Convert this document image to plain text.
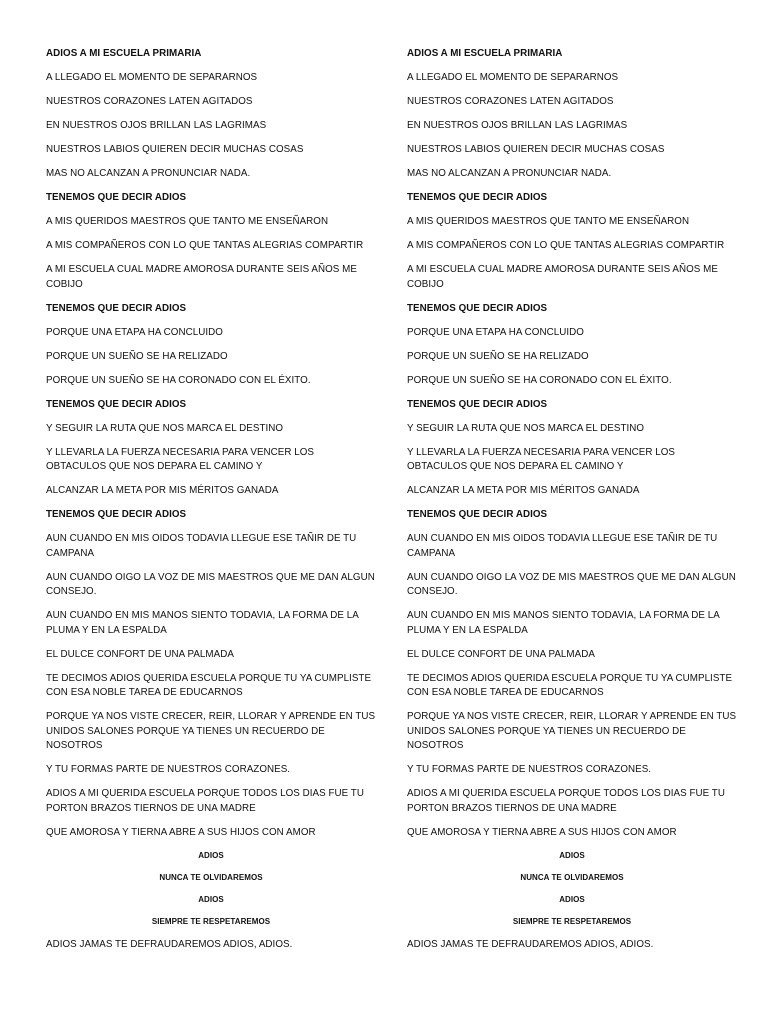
ADIOS A MI ESCUELA PRIMARIA
A LLEGADO EL MOMENTO DE SEPARARNOS
NUESTROS CORAZONES LATEN AGITADOS
EN NUESTROS OJOS BRILLAN LAS LAGRIMAS
NUESTROS LABIOS QUIEREN DECIR MUCHAS COSAS
MAS NO ALCANZAN A PRONUNCIAR NADA.
TENEMOS QUE DECIR ADIOS
A MIS QUERIDOS MAESTROS QUE TANTO ME ENSEÑARON
A MIS COMPAÑEROS CON LO QUE TANTAS ALEGRIAS COMPARTIR
A MI ESCUELA CUAL MADRE AMOROSA DURANTE SEIS AÑOS ME COBIJO
TENEMOS QUE DECIR ADIOS
PORQUE UNA ETAPA HA CONCLUIDO
PORQUE UN SUEÑO SE HA RELIZADO
PORQUE UN SUEÑO SE HA CORONADO CON EL ÉXITO.
TENEMOS QUE DECIR ADIOS
Y SEGUIR LA RUTA QUE NOS MARCA EL DESTINO
Y LLEVARLA LA FUERZA NECESARIA PARA VENCER LOS OBTACULOS QUE NOS DEPARA EL CAMINO Y
ALCANZAR LA META POR MIS MÉRITOS GANADA
TENEMOS QUE DECIR ADIOS
AUN CUANDO EN MIS OIDOS TODAVIA LLEGUE ESE TAÑIR DE TU CAMPANA
AUN CUANDO OIGO LA VOZ DE MIS MAESTROS QUE ME DAN ALGUN CONSEJO.
AUN CUANDO EN MIS MANOS SIENTO TODAVIA, LA FORMA DE LA PLUMA Y EN LA ESPALDA
EL DULCE CONFORT DE UNA PALMADA
TE DECIMOS ADIOS QUERIDA ESCUELA PORQUE TU YA CUMPLISTE CON ESA NOBLE TAREA DE EDUCARNOS
PORQUE YA NOS VISTE CRECER, REIR, LLORAR Y APRENDE EN TUS UNIDOS SALONES PORQUE YA TIENES UN RECUERDO DE NOSOTROS
Y TU FORMAS PARTE DE NUESTROS CORAZONES.
ADIOS A MI QUERIDA ESCUELA PORQUE TODOS LOS DIAS FUE TU PORTON BRAZOS TIERNOS DE UNA MADRE
QUE AMOROSA Y TIERNA ABRE A SUS HIJOS CON AMOR
ADIOS
NUNCA TE OLVIDAREMOS
ADIOS
SIEMPRE TE RESPETAREMOS
ADIOS JAMAS TE DEFRAUDAREMOS ADIOS, ADIOS.
ADIOS A MI ESCUELA PRIMARIA
A LLEGADO EL MOMENTO DE SEPARARNOS
NUESTROS CORAZONES LATEN AGITADOS
EN NUESTROS OJOS BRILLAN LAS LAGRIMAS
NUESTROS LABIOS QUIEREN DECIR MUCHAS COSAS
MAS NO ALCANZAN A PRONUNCIAR NADA.
TENEMOS QUE DECIR ADIOS
A MIS QUERIDOS MAESTROS QUE TANTO ME ENSEÑARON
A MIS COMPAÑEROS CON LO QUE TANTAS ALEGRIAS COMPARTIR
A MI ESCUELA CUAL MADRE AMOROSA DURANTE SEIS AÑOS ME COBIJO
TENEMOS QUE DECIR ADIOS
PORQUE UNA ETAPA HA CONCLUIDO
PORQUE UN SUEÑO SE HA RELIZADO
PORQUE UN SUEÑO SE HA CORONADO CON EL ÉXITO.
TENEMOS QUE DECIR ADIOS
Y SEGUIR LA RUTA QUE NOS MARCA EL DESTINO
Y LLEVARLA LA FUERZA NECESARIA PARA VENCER LOS OBTACULOS QUE NOS DEPARA EL CAMINO Y
ALCANZAR LA META POR MIS MÉRITOS GANADA
TENEMOS QUE DECIR ADIOS
AUN CUANDO EN MIS OIDOS TODAVIA LLEGUE ESE TAÑIR DE TU CAMPANA
AUN CUANDO OIGO LA VOZ DE MIS MAESTROS QUE ME DAN ALGUN CONSEJO.
AUN CUANDO EN MIS MANOS SIENTO TODAVIA, LA FORMA DE LA PLUMA Y EN LA ESPALDA
EL DULCE CONFORT DE UNA PALMADA
TE DECIMOS ADIOS QUERIDA ESCUELA PORQUE TU YA CUMPLISTE CON ESA NOBLE TAREA DE EDUCARNOS
PORQUE YA NOS VISTE CRECER, REIR, LLORAR Y APRENDE EN TUS UNIDOS SALONES PORQUE YA TIENES UN RECUERDO DE NOSOTROS
Y TU FORMAS PARTE DE NUESTROS CORAZONES.
ADIOS A MI QUERIDA ESCUELA PORQUE TODOS LOS DIAS FUE TU PORTON BRAZOS TIERNOS DE UNA MADRE
QUE AMOROSA Y TIERNA ABRE A SUS HIJOS CON AMOR
ADIOS
NUNCA TE OLVIDAREMOS
ADIOS
SIEMPRE TE RESPETAREMOS
ADIOS JAMAS TE DEFRAUDAREMOS ADIOS, ADIOS.
